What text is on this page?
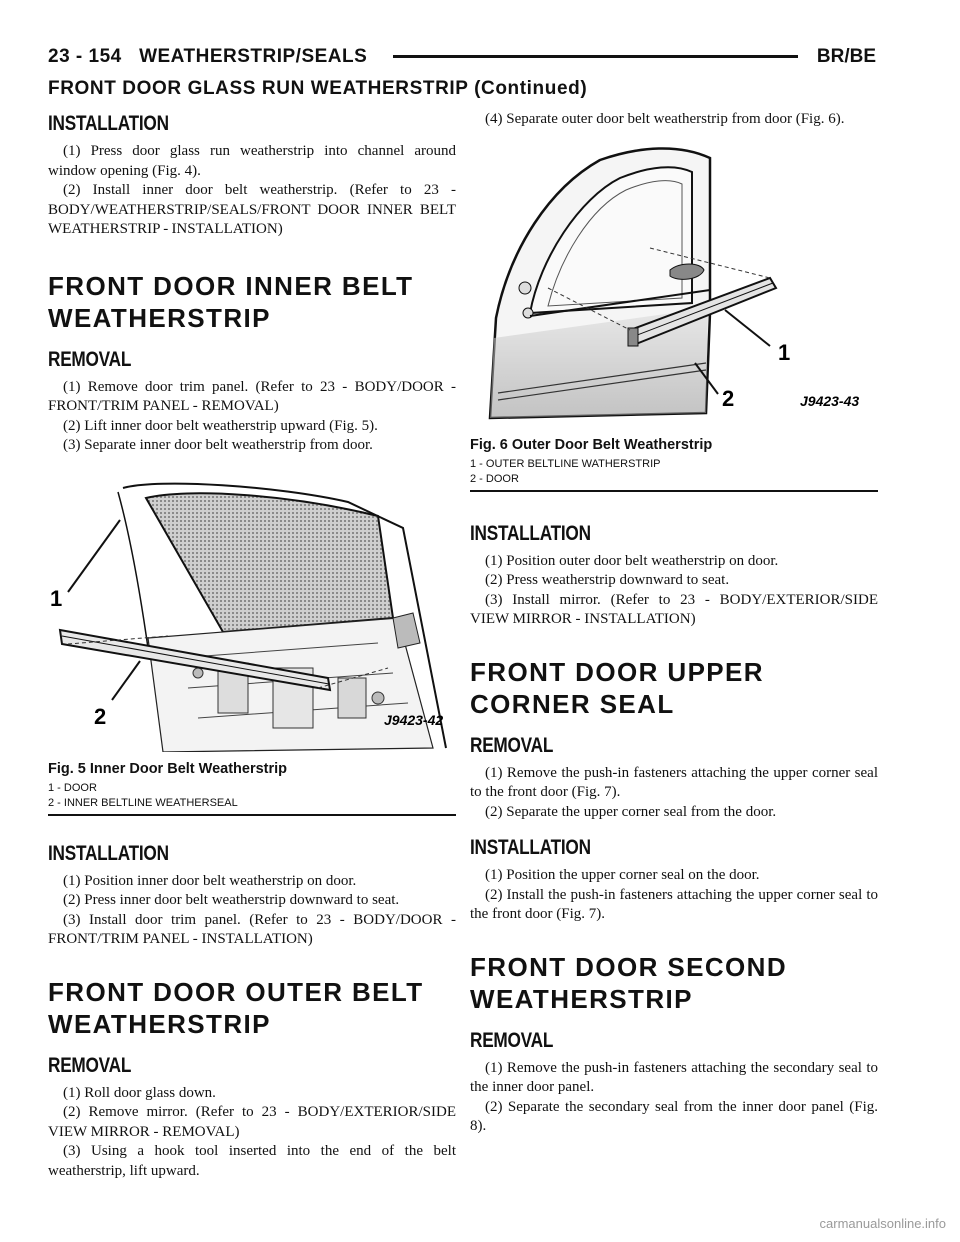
23 - 154 WEATHERSTRIP/SEALS	BR/BE
FRONT DOOR GLASS RUN WEATHERSTRIP (Continued)
INSTALLATION

(1) Press door glass run weatherstrip into channel around window opening (Fig. 4).

(2) Install inner door belt weatherstrip. (Refer to 23 - BODY/WEATHERSTRIP/SEALS/FRONT DOOR INNER BELT WEATHERSTRIP - INSTALLATION)

FRONT DOOR INNER BELT WEATHERSTRIP
REMOVAL

(1) Remove door trim panel. (Refer to 23 - BODY/DOOR - FRONT/TRIM PANEL - REMOVAL)

(2) Lift inner door belt weatherstrip upward (Fig. 5).

(3) Separate inner door belt weatherstrip from door.

1
2	J9423-42
Fig. 5 Inner Door Belt Weatherstrip
1 - DOOR
2 - INNER BELTLINE WEATHERSEAL
INSTALLATION

(1) Position inner door belt weatherstrip on door.

(2) Press inner door belt weatherstrip downward to seat.

(3) Install door trim panel. (Refer to 23 - BODY/DOOR - FRONT/TRIM PANEL - INSTALLATION)

FRONT DOOR OUTER BELT WEATHERSTRIP
REMOVAL

(1) Roll door glass down.

(2) Remove mirror. (Refer to 23 - BODY/EXTERIOR/SIDE VIEW MIRROR - REMOVAL)

(3) Using a hook tool inserted into the end of the belt weatherstrip, lift upward.

(4) Separate outer door belt weatherstrip from door (Fig. 6).

1
2	J9423-43
Fig. 6 Outer Door Belt Weatherstrip
1 - OUTER BELTLINE WATHERSTRIP
2 - DOOR
INSTALLATION

(1) Position outer door belt weatherstrip on door.

(2) Press weatherstrip downward to seat.

(3) Install mirror. (Refer to 23 - BODY/EXTERIOR/SIDE VIEW MIRROR - INSTALLATION)

FRONT DOOR UPPER CORNER SEAL
REMOVAL

(1) Remove the push-in fasteners attaching the upper corner seal to the front door (Fig. 7).

(2) Separate the upper corner seal from the door.

INSTALLATION

(1) Position the upper corner seal on the door.

(2) Install the push-in fasteners attaching the upper corner seal to the front door (Fig. 7).

FRONT DOOR SECOND WEATHERSTRIP
REMOVAL

(1) Remove the push-in fasteners attaching the secondary seal to the inner door panel.

(2) Separate the secondary seal from the inner door panel (Fig. 8).

carmanualsonline.info
